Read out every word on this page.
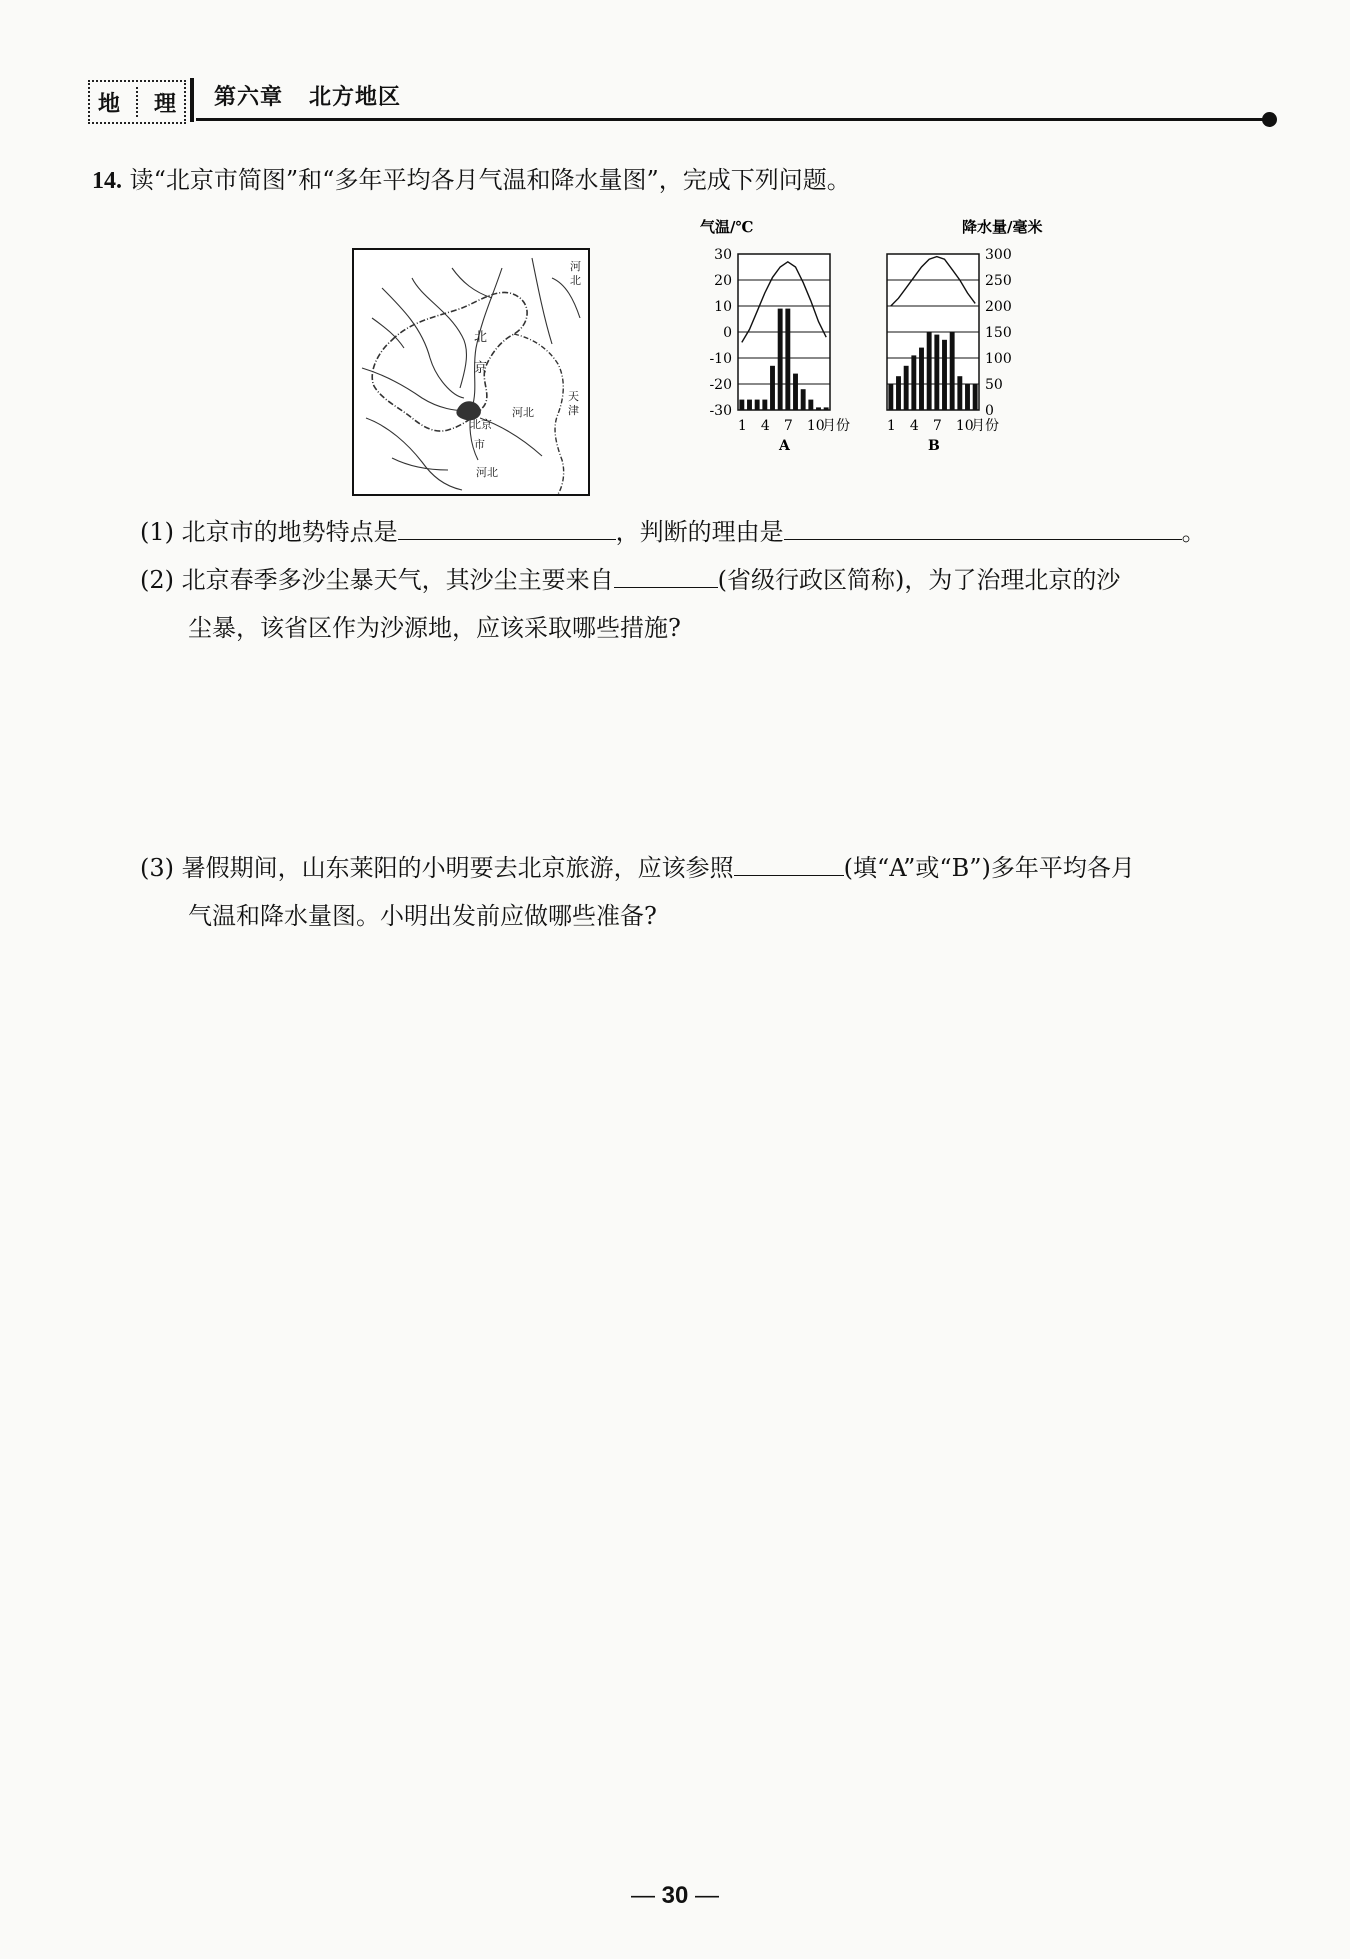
地 理 第六章 北方地区
14. 读“北京市简图”和“多年平均各月气温和降水量图”，完成下列问题。
河
北
北
京
天
津
河北
北京
市
河北
气温/℃	降水量/毫米
1 4 7 10
月份
A
1 4 7 10
月份
B
30
20
10
0
-10
-20
-30
300
250
200
150
100
50
0
(1) 北京市的地势特点是	，判断的理由是	。
(2) 北京春季多沙尘暴天气，其沙尘主要来自	(省级行政区简称)，为了治理北京的沙
尘暴，该省区作为沙源地，应该采取哪些措施?
(3) 暑假期间，山东莱阳的小明要去北京旅游，应该参照	(填“A”或“B”)多年平均各月
气温和降水量图。小明出发前应做哪些准备?
— 30 —
